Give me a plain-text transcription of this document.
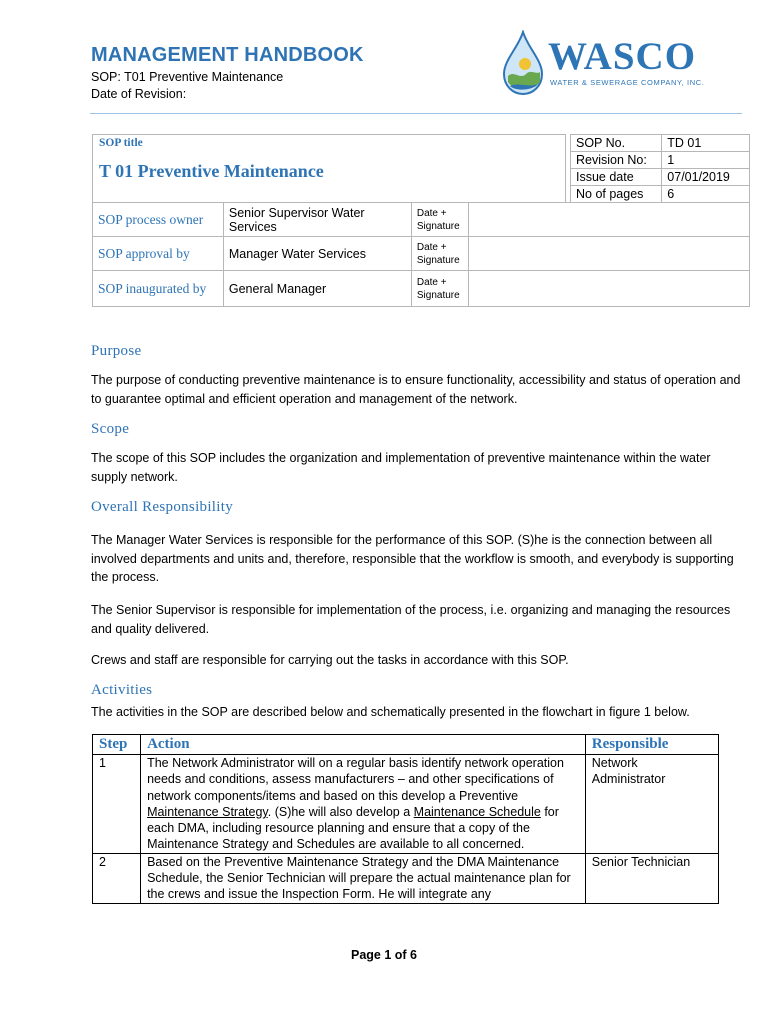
MANAGEMENT HANDBOOK
SOP: T01 Preventive Maintenance
Date of Revision:
WASCO
WATER & SEWERAGE COMPANY, INC.
SOP title
T 01 Preventive Maintenance

SOP process owner	Senior Supervisor Water Services	Date + Signature	
SOP approval by	Manager Water Services	Date + Signature	
SOP inaugurated by	General Manager	Date + Signature	
SOP No.	TD 01
Revision No:	1
Issue date	07/01/2019
No of pages	6
Purpose
The purpose of conducting preventive maintenance is to ensure functionality, accessibility and status of operation and to guarantee optimal and efficient operation and management of the network.
Scope
The scope of this SOP includes the organization and implementation of preventive maintenance within the water supply network.
Overall Responsibility
The Manager Water Services is responsible for the performance of this SOP. (S)he is the connection between all involved departments and units and, therefore, responsible that the workflow is smooth, and everybody is supporting the process.
The Senior Supervisor is responsible for implementation of the process, i.e. organizing and managing the resources and quality delivered.
Crews and staff are responsible for carrying out the tasks in accordance with this SOP.
Activities
The activities in the SOP are described below and schematically presented in the flowchart in figure 1 below.
Step	Action	Responsible
1	The Network Administrator will on a regular basis identify network operation needs and conditions, assess manufacturers – and other specifications of network components/items and based on this develop a Preventive Maintenance Strategy. (S)he will also develop a Maintenance Schedule for each DMA, including resource planning and ensure that a copy of the Maintenance Strategy and Schedules are available to all concerned.	Network Administrator
2	Based on the Preventive Maintenance Strategy and the DMA Maintenance Schedule, the Senior Technician will prepare the actual maintenance plan for the crews and issue the Inspection Form. He will integrate any	Senior Technician
Page 1 of 6
